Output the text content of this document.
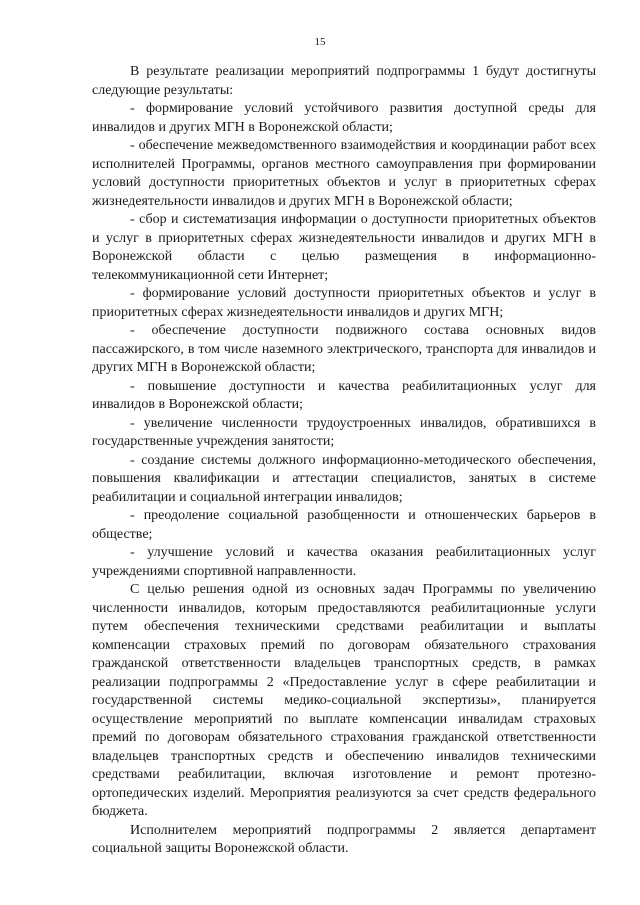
15

В результате реализации мероприятий подпрограммы 1 будут достигнуты следующие результаты:

- формирование условий устойчивого развития доступной среды для инвалидов и других МГН в Воронежской области;

- обеспечение межведомственного взаимодействия и координации работ всех исполнителей Программы, органов местного самоуправления при формировании условий доступности приоритетных объектов и услуг в приоритетных сферах жизнедеятельности инвалидов и других МГН в Воронежской области;

- сбор и систематизация информации о доступности приоритетных объектов и услуг в приоритетных сферах жизнедеятельности инвалидов и других МГН в Воронежской области с целью размещения в информационно-телекоммуникационной сети Интернет;

- формирование условий доступности приоритетных объектов и услуг в приоритетных сферах жизнедеятельности инвалидов и других МГН;

- обеспечение доступности подвижного состава основных видов пассажирского, в том числе наземного электрического, транспорта для инвалидов и других МГН в Воронежской области;

- повышение доступности и качества реабилитационных услуг для инвалидов в Воронежской области;

- увеличение численности трудоустроенных инвалидов, обратившихся в государственные учреждения занятости;

- создание системы должного информационно-методического обеспечения, повышения квалификации и аттестации специалистов, занятых в системе реабилитации и социальной интеграции инвалидов;

- преодоление социальной разобщенности и отношенческих барьеров в обществе;

- улучшение условий и качества оказания реабилитационных услуг учреждениями спортивной направленности.

С целью решения одной из основных задач Программы по увеличению численности инвалидов, которым предоставляются реабилитационные услуги путем обеспечения техническими средствами реабилитации и выплаты компенсации страховых премий по договорам обязательного страхования гражданской ответственности владельцев транспортных средств, в рамках реализации подпрограммы 2 «Предоставление услуг в сфере реабилитации и государственной системы медико-социальной экспертизы», планируется осуществление мероприятий по выплате компенсации инвалидам страховых премий по договорам обязательного страхования гражданской ответственности владельцев транспортных средств и обеспечению инвалидов техническими средствами реабилитации, включая изготовление и ремонт протезно-ортопедических изделий. Мероприятия реализуются за счет средств федерального бюджета.

Исполнителем мероприятий подпрограммы 2 является департамент социальной защиты Воронежской области.
